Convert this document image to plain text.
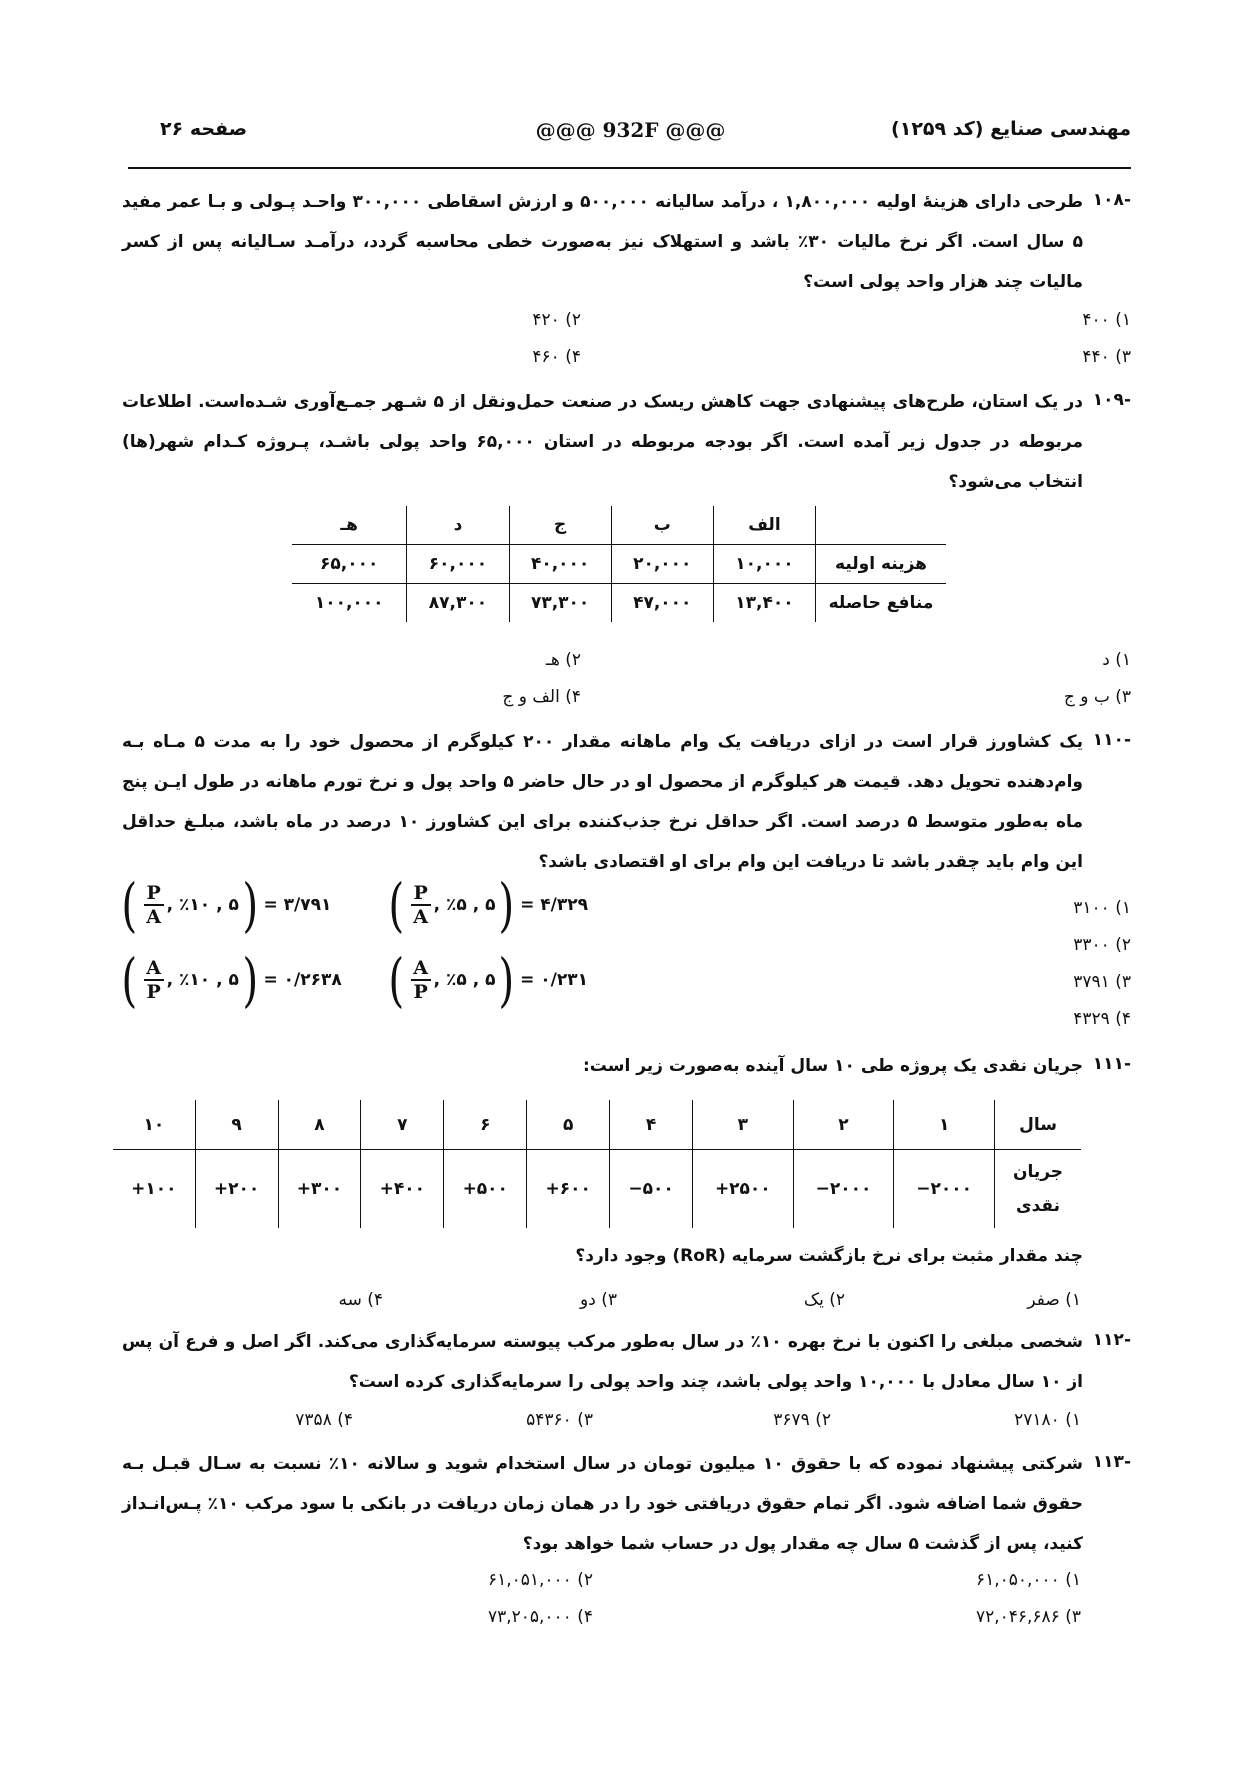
مهندسی صنایع (کد ۱۲۵۹)
@@@ 932F @@@
صفحه ۲۶
-۱۰۸
طرحی دارای هزینهٔ اولیه ۱,۸۰۰,۰۰۰ ، درآمد سالیانه ۵۰۰,۰۰۰ و ارزش اسقاطی ۳۰۰,۰۰۰ واحـد پـولی و بـا عمر مفید ۵ سال است. اگر نرخ مالیات ۳۰٪ باشد و استهلاک نیز به‌صورت خطی محاسبه گردد، درآمـد سـالیانه پس از کسر مالیات چند هزار واحد پولی است؟
۱) ۴۰۰
۲) ۴۲۰
۳) ۴۴۰
۴) ۴۶۰
-۱۰۹
در یک استان، طرح‌های پیشنهادی جهت کاهش ریسک در صنعت حمل‌ونقل از ۵ شـهر جمـع‌آوری شـده‌است. اطلاعات مربوطه در جدول زیر آمده است. اگر بودجه مربوطه در استان ۶۵,۰۰۰ واحد پولی باشـد، پـروژه کـدام شهر(ها) انتخاب می‌شود؟
	الف	ب	ج	د	هـ
هزینه اولیه	۱۰,۰۰۰	۲۰,۰۰۰	۴۰,۰۰۰	۶۰,۰۰۰	۶۵,۰۰۰
منافع حاصله	۱۳,۴۰۰	۴۷,۰۰۰	۷۳,۳۰۰	۸۷,۳۰۰	۱۰۰,۰۰۰
۱) د
۲) هـ
۳) ب و ج
۴) الف و ج
-۱۱۰
یک کشاورز قرار است در ازای دریافت یک وام ماهانه مقدار ۲۰۰ کیلوگرم از محصول خود را به مدت ۵ مـاه بـه وام‌دهنده تحویل دهد. قیمت هر کیلوگرم از محصول او در حال حاضر ۵ واحد پول و نرخ تورم ماهانه در طول ایـن پنج ماه به‌طور متوسط ۵ درصد است. اگر حداقل نرخ جذب‌کننده برای این کشاورز ۱۰ درصد در ماه باشد، مبلـغ حداقل این وام باید چقدر باشد تا دریافت این وام برای او اقتصادی باشد؟
۱) ۳۱۰۰
۲) ۳۳۰۰
۳) ۳۷۹۱
۴) ۴۳۲۹
( $\frac{P}{A}$ , ٪۵ , ۵ ) = ۴/۳۲۹
( $\frac{P}{A}$ , ٪۱۰ , ۵ ) = ۳/۷۹۱
( $\frac{A}{P}$ , ٪۵ , ۵ ) = ۰/۲۳۱
( $\frac{A}{P}$ , ٪۱۰ , ۵ ) = ۰/۲۶۳۸
-۱۱۱
جریان نقدی یک پروژه طی ۱۰ سال آینده به‌صورت زیر است:
سال	۱	۲	۳	۴	۵	۶	۷	۸	۹	۱۰
جریان
نقدی	−۲۰۰۰	−۲۰۰۰	+۲۵۰۰	−۵۰۰	+۶۰۰	+۵۰۰	+۴۰۰	+۳۰۰	+۲۰۰	+۱۰۰
چند مقدار مثبت برای نرخ بازگشت سرمایه (RoR) وجود دارد؟
۱) صفر
۲) یک
۳) دو
۴) سه
-۱۱۲
شخصی مبلغی را اکنون با نرخ بهره ۱۰٪ در سال به‌طور مرکب پیوسته سرمایه‌گذاری می‌کند. اگر اصل و فرع آن پس از ۱۰ سال معادل با ۱۰,۰۰۰ واحد پولی باشد، چند واحد پولی را سرمایه‌گذاری کرده است؟
۱) ۲۷۱۸۰
۲) ۳۶۷۹
۳) ۵۴۳۶۰
۴) ۷۳۵۸
-۱۱۳
شرکتی پیشنهاد نموده که با حقوق ۱۰ میلیون تومان در سال استخدام شوید و سالانه ۱۰٪ نسبت به سـال قبـل بـه حقوق شما اضافه شود. اگر تمام حقوق دریافتی خود را در همان زمان دریافت در بانکی با سود مرکب ۱۰٪ پـس‌انـداز کنید، پس از گذشت ۵ سال چه مقدار پول در حساب شما خواهد بود؟
۱) ۶۱,۰۵۰,۰۰۰
۲) ۶۱,۰۵۱,۰۰۰
۳) ۷۲,۰۴۶,۶۸۶
۴) ۷۳,۲۰۵,۰۰۰
